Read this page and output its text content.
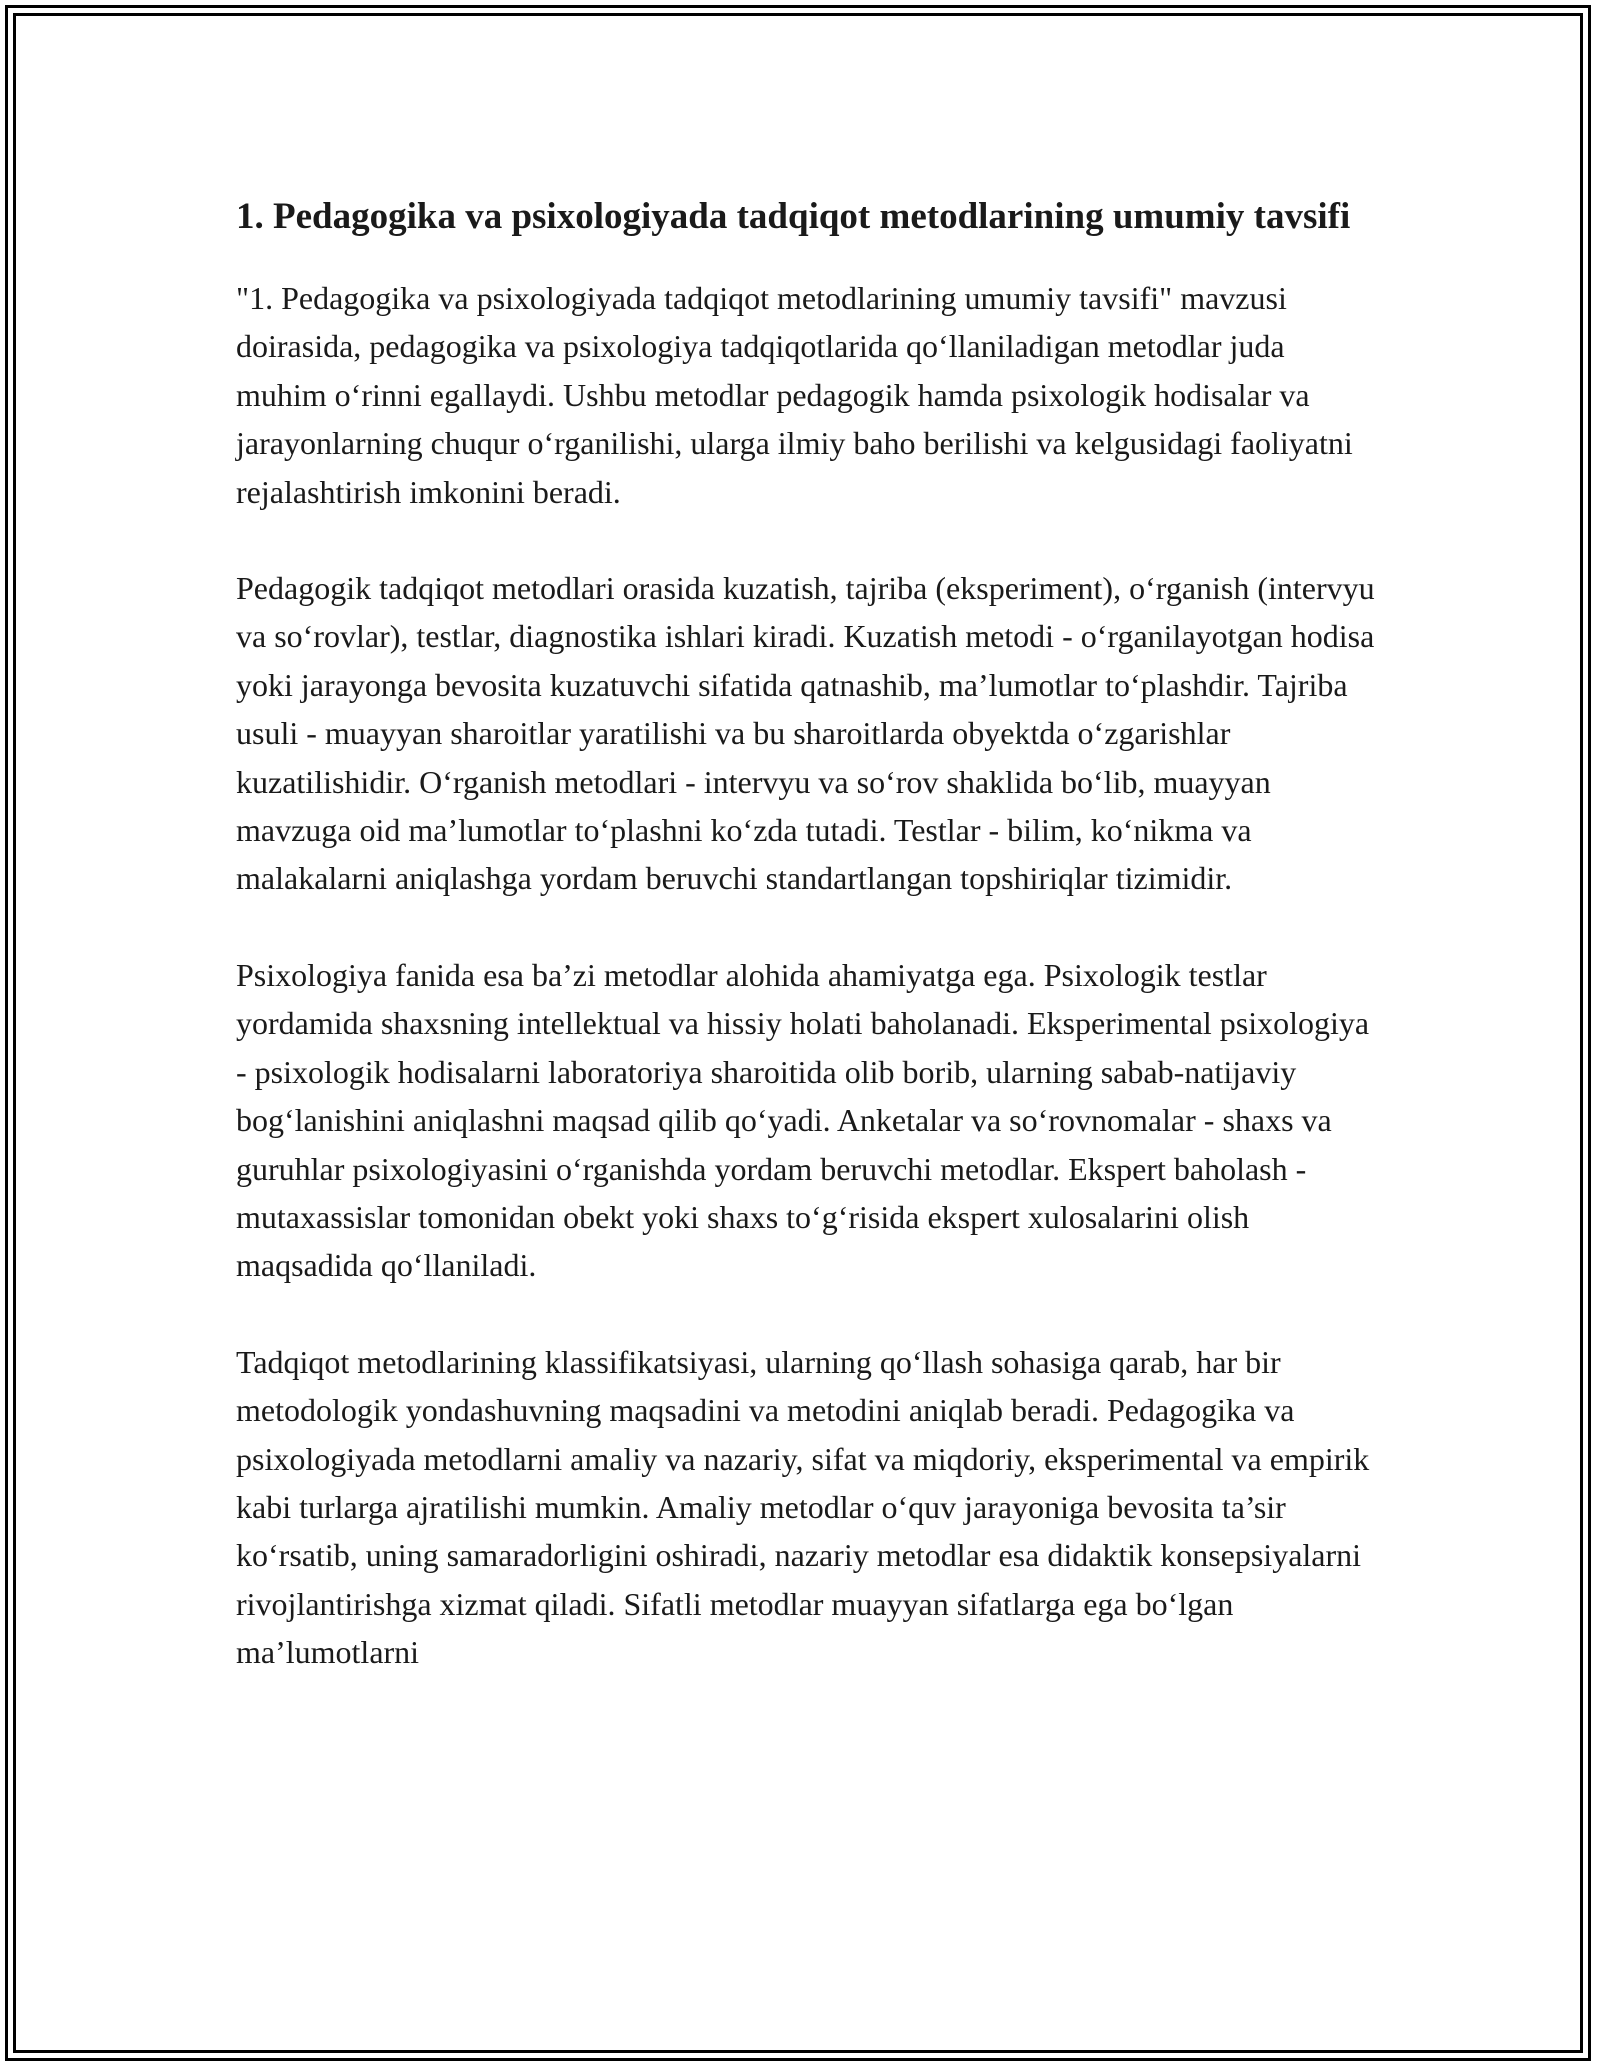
1. Pedagogika va psixologiyada tadqiqot metodlarining umumiy tavsifi

"1. Pedagogika va psixologiyada tadqiqot metodlarining umumiy tavsifi" mavzusi doirasida, pedagogika va psixologiya tadqiqotlarida qo‘llaniladigan metodlar juda muhim o‘rinni egallaydi. Ushbu metodlar pedagogik hamda psixologik hodisalar va jarayonlarning chuqur o‘rganilishi, ularga ilmiy baho berilishi va kelgusidagi faoliyatni rejalashtirish imkonini beradi.

Pedagogik tadqiqot metodlari orasida kuzatish, tajriba (eksperiment), o‘rganish (intervyu va so‘rovlar), testlar, diagnostika ishlari kiradi. Kuzatish metodi - o‘rganilayotgan hodisa yoki jarayonga bevosita kuzatuvchi sifatida qatnashib, ma’lumotlar to‘plashdir. Tajriba usuli - muayyan sharoitlar yaratilishi va bu sharoitlarda obyektda o‘zgarishlar kuzatilishidir. O‘rganish metodlari - intervyu va so‘rov shaklida bo‘lib, muayyan mavzuga oid ma’lumotlar to‘plashni ko‘zda tutadi. Testlar - bilim, ko‘nikma va malakalarni aniqlashga yordam beruvchi standartlangan topshiriqlar tizimidir.

Psixologiya fanida esa ba’zi metodlar alohida ahamiyatga ega. Psixologik testlar yordamida shaxsning intellektual va hissiy holati baholanadi. Eksperimental psixologiya - psixologik hodisalarni laboratoriya sharoitida olib borib, ularning sabab-natijaviy bog‘lanishini aniqlashni maqsad qilib qo‘yadi. Anketalar va so‘rovnomalar - shaxs va guruhlar psixologiyasini o‘rganishda yordam beruvchi metodlar. Ekspert baholash - mutaxassislar tomonidan obekt yoki shaxs to‘g‘risida ekspert xulosalarini olish maqsadida qo‘llaniladi.

Tadqiqot metodlarining klassifikatsiyasi, ularning qo‘llash sohasiga qarab, har bir metodologik yondashuvning maqsadini va metodini aniqlab beradi. Pedagogika va psixologiyada metodlarni amaliy va nazariy, sifat va miqdoriy, eksperimental va empirik kabi turlarga ajratilishi mumkin. Amaliy metodlar o‘quv jarayoniga bevosita ta’sir ko‘rsatib, uning samaradorligini oshiradi, nazariy metodlar esa didaktik konsepsiyalarni rivojlantirishga xizmat qiladi. Sifatli metodlar muayyan sifatlarga ega bo‘lgan ma’lumotlarni
